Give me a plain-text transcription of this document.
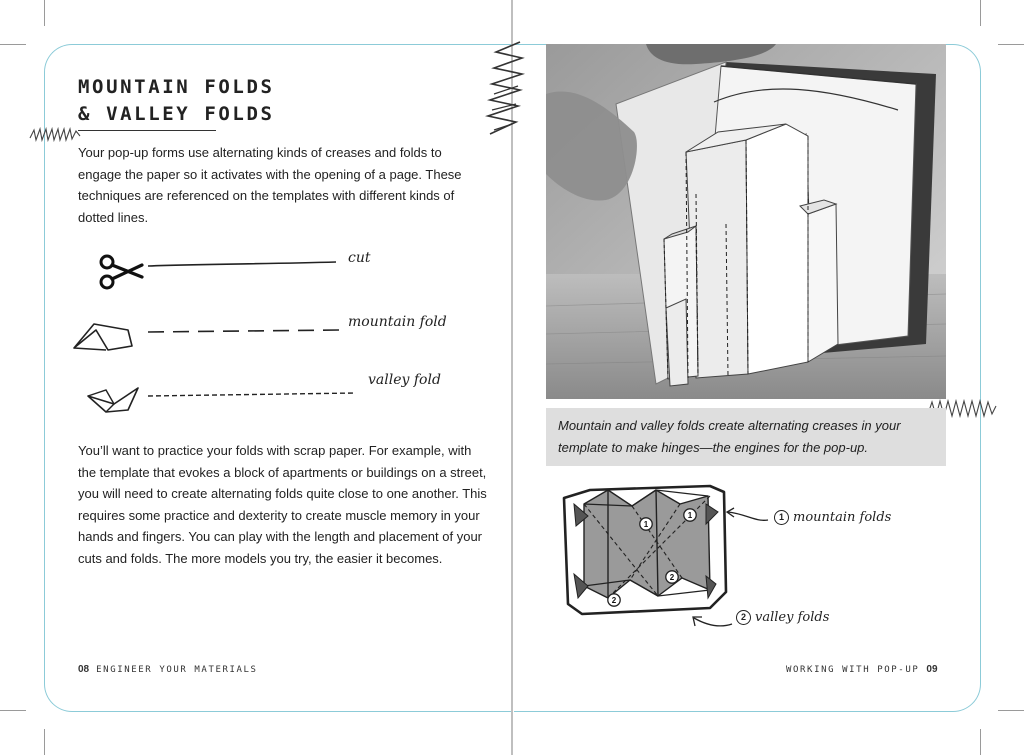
MOUNTAIN FOLDS
& VALLEY FOLDS

Your pop-up forms use alternating kinds of creases and folds to engage the paper so it activates with the opening of a page. These techniques are referenced on the templates with different kinds of dotted lines.

cut
mountain fold
valley fold

You’ll want to practice your folds with scrap paper. For example, with the template that evokes a block of apartments or buildings on a street, you will need to create alternating folds quite close to one another. This requires some practice and dexterity to create muscle memory in your hands and fingers. You can play with the length and placement of your cuts and folds. The more models you try, the easier it becomes.

08 ENGINEER YOUR MATERIALS

Mountain and valley folds create alternating creases in your template to make hinges—the engines for the pop-up.

1
1
2
2
1 mountain folds
2 valley folds
WORKING WITH POP-UP 09
